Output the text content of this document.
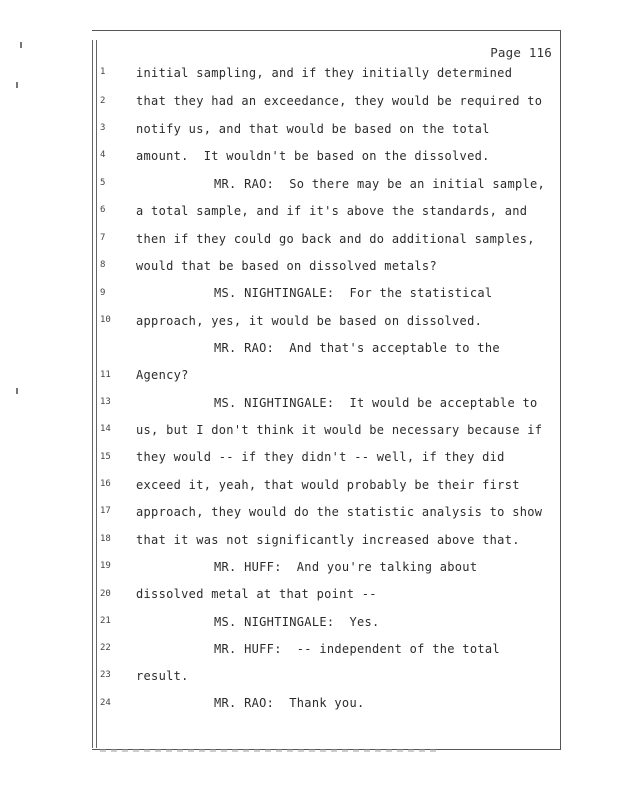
Page 116
1	initial sampling, and if they initially determined
2	that they had an exceedance, they would be required to
3	notify us, and that would be based on the total
4	amount.  It wouldn't be based on the dissolved.
5	MR. RAO:  So there may be an initial sample,
6	a total sample, and if it's above the standards, and
7	then if they could go back and do additional samples,
8	would that be based on dissolved metals?
9	MS. NIGHTINGALE:  For the statistical
10	approach, yes, it would be based on dissolved.
MR. RAO:  And that's acceptable to the
11	Agency?
13	MS. NIGHTINGALE:  It would be acceptable to
14	us, but I don't think it would be necessary because if
15	they would -- if they didn't -- well, if they did
16	exceed it, yeah, that would probably be their first
17	approach, they would do the statistic analysis to show
18	that it was not significantly increased above that.
19	MR. HUFF:  And you're talking about
20	dissolved metal at that point --
21	MS. NIGHTINGALE:  Yes.
22	MR. HUFF:  -- independent of the total
23	result.
24	MR. RAO:  Thank you.
